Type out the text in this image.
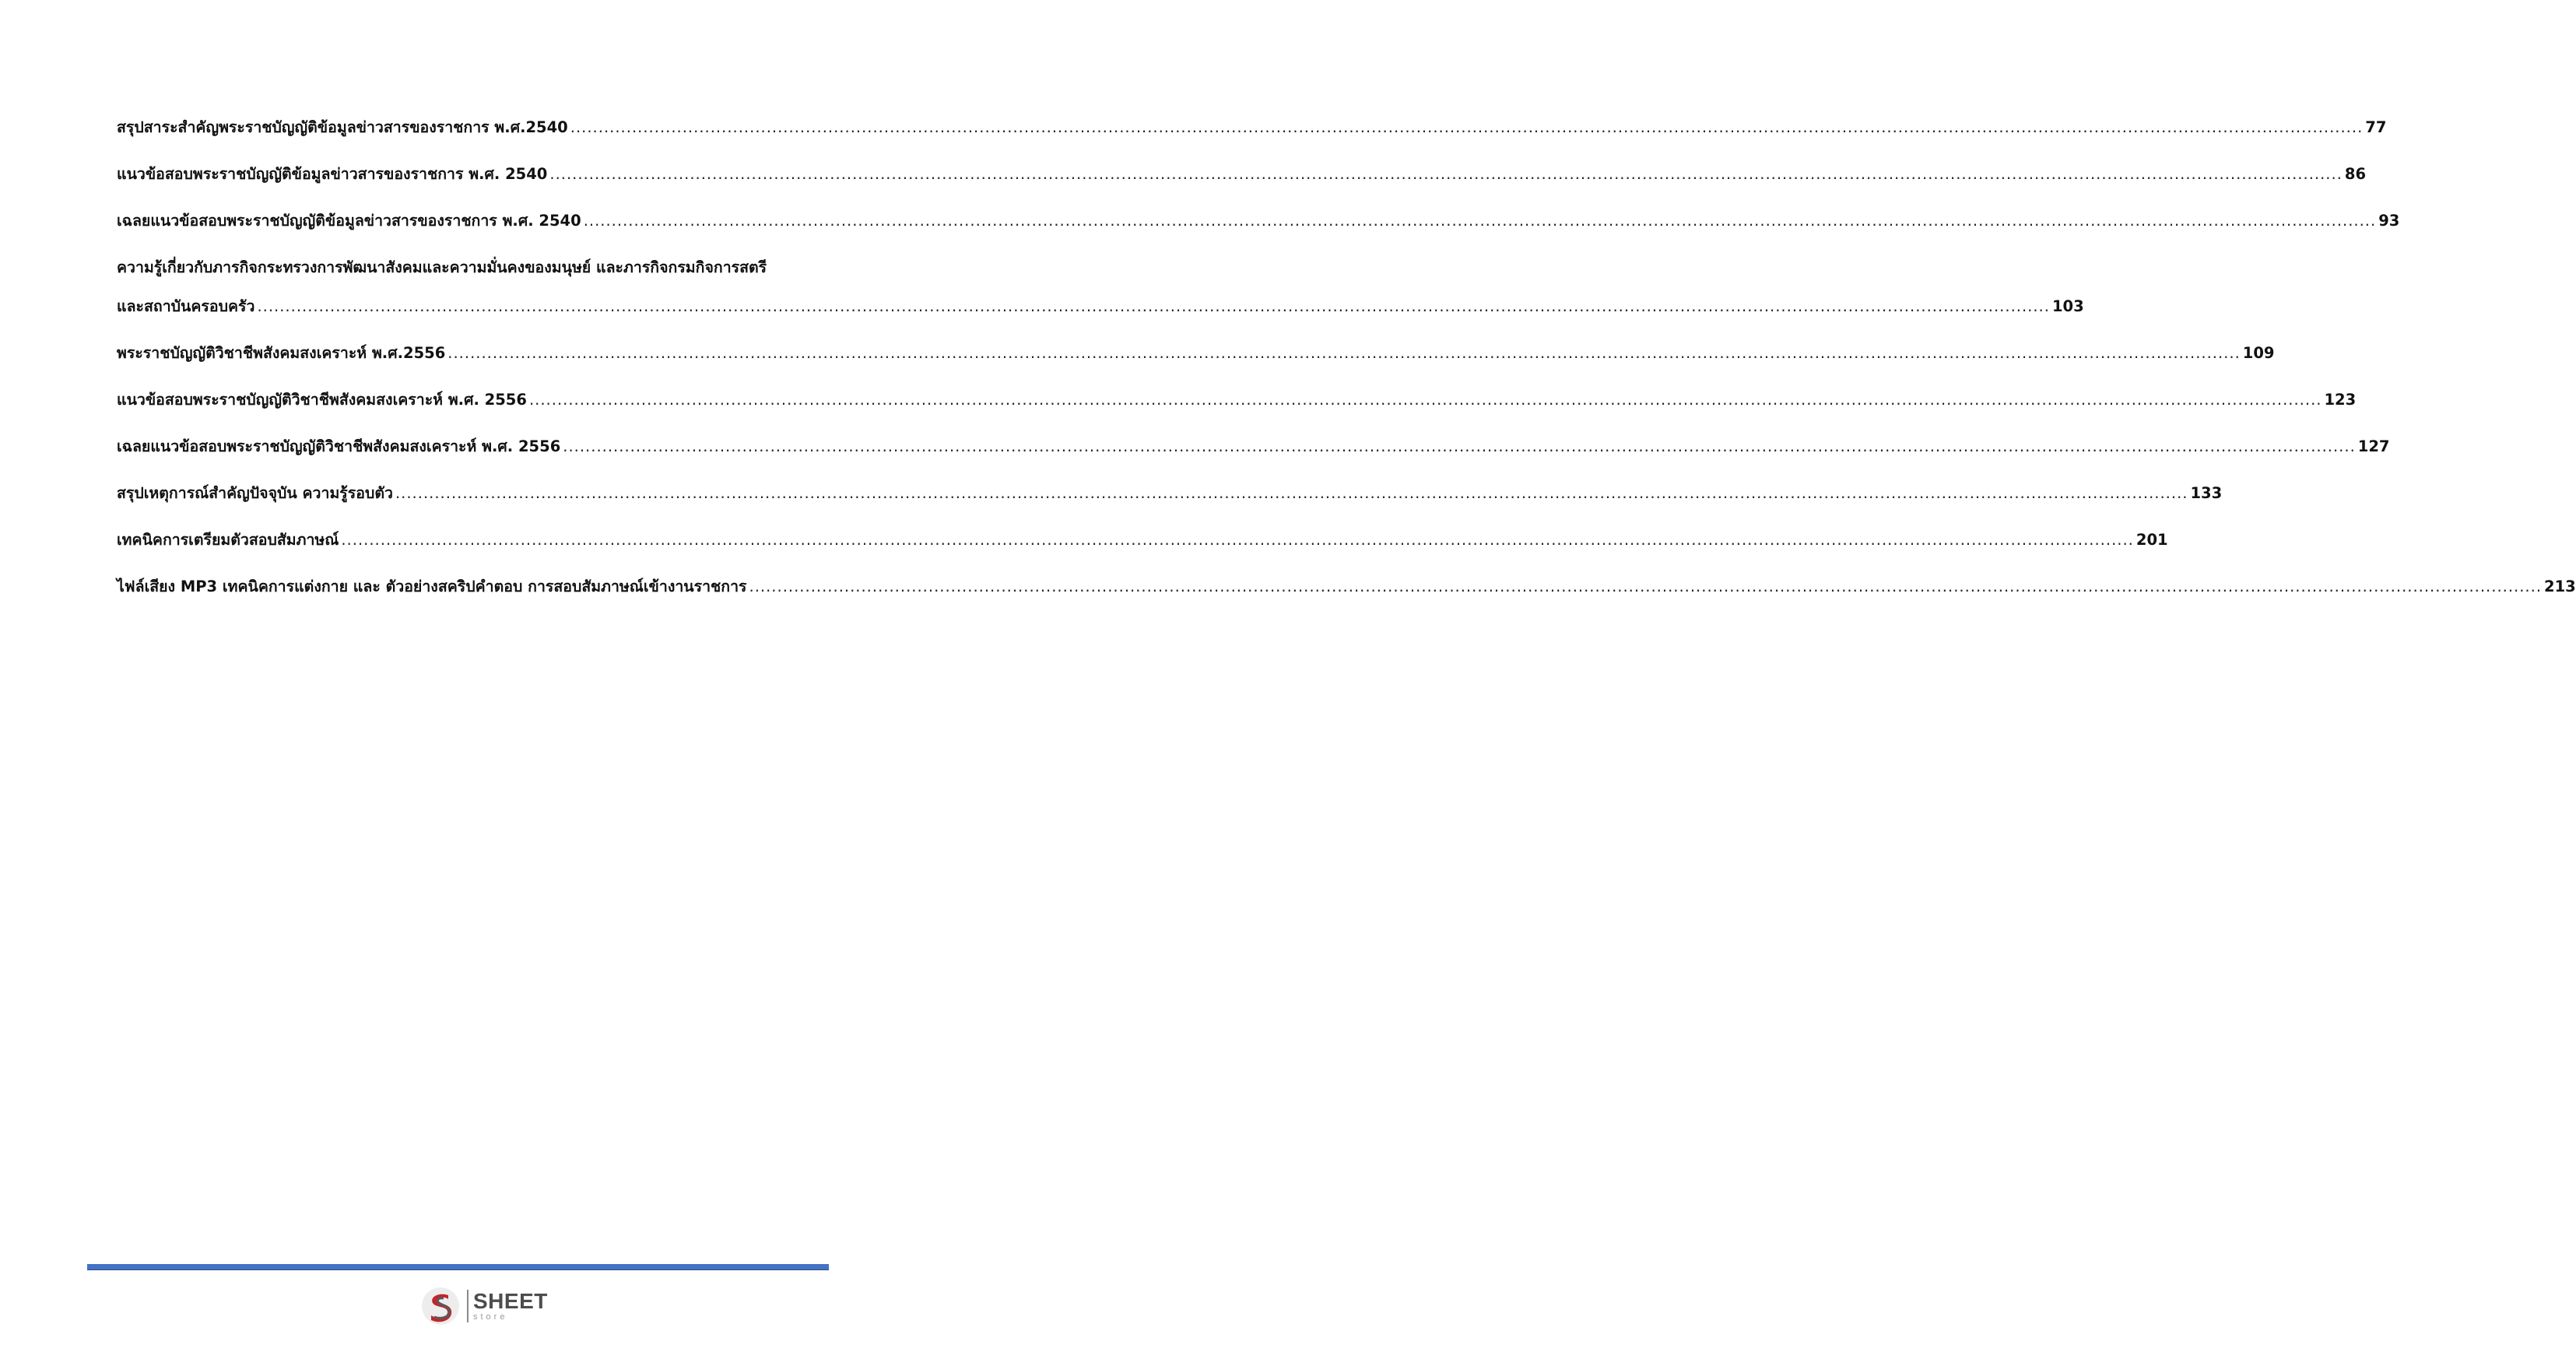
สรุปสาระสำคัญพระราชบัญญัติข้อมูลข่าวสารของราชการ พ.ศ.2540 .....	77
แนวข้อสอบพระราชบัญญัติข้อมูลข่าวสารของราชการ พ.ศ. 2540 .....	86
เฉลยแนวข้อสอบพระราชบัญญัติข้อมูลข่าวสารของราชการ พ.ศ. 2540 .....	93
ความรู้เกี่ยวกับภารกิจกระทรวงการพัฒนาสังคมและความมั่นคงของมนุษย์ และภารกิจกรมกิจการสตรี
และสถาบันครอบครัว .....	103
พระราชบัญญัติวิชาชีพสังคมสงเคราะห์ พ.ศ.2556 .....	109
แนวข้อสอบพระราชบัญญัติวิชาชีพสังคมสงเคราะห์ พ.ศ. 2556 .....	123
เฉลยแนวข้อสอบพระราชบัญญัติวิชาชีพสังคมสงเคราะห์ พ.ศ. 2556 .....	127
สรุปเหตุการณ์สำคัญปัจจุบัน ความรู้รอบตัว .....	133
เทคนิคการเตรียมตัวสอบสัมภาษณ์ .....	201
ไฟล์เสียง MP3 เทคนิคการแต่งกาย และ ตัวอย่างสคริปคำตอบ การสอบสัมภาษณ์เข้างานราชการ .....	213
SHEET
store
